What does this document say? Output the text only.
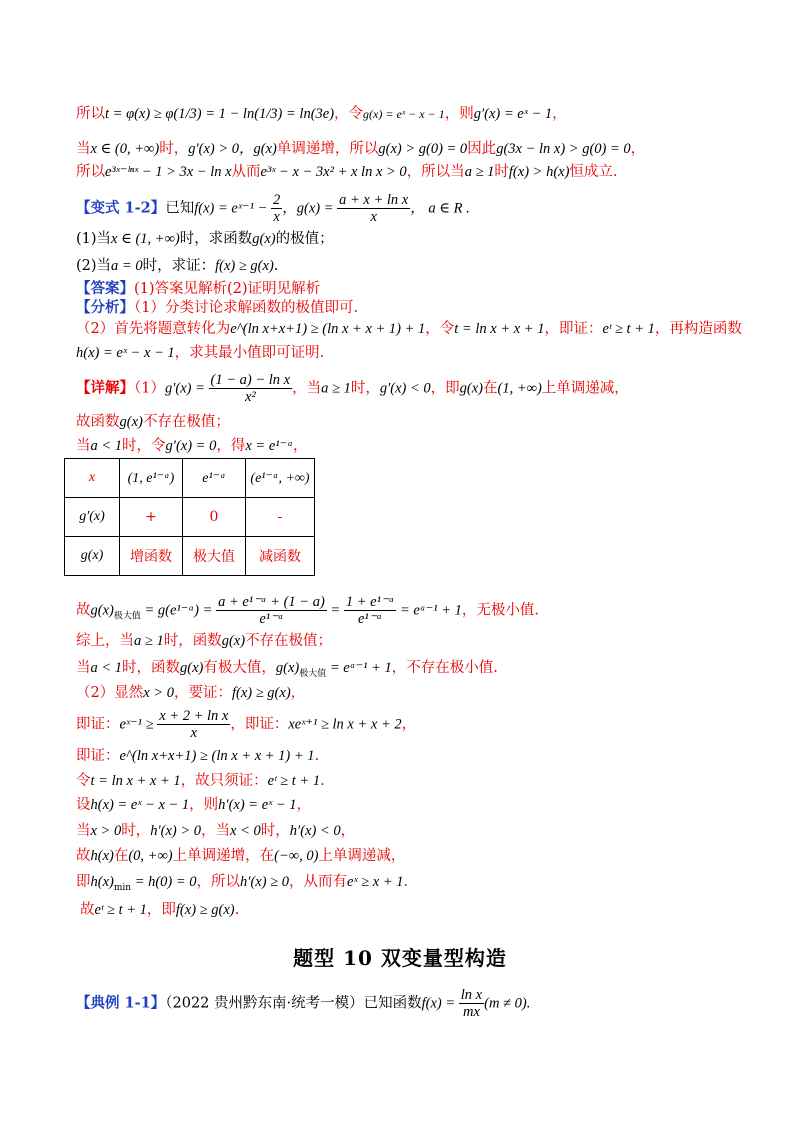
所以t = φ(x) ≥ φ(1/3) = 1 − ln(1/3) = ln(3e)，令g(x) = eˣ − x − 1，则g′(x) = eˣ − 1，
当x ∈ (0, +∞)时，g′(x) > 0，g(x)单调递增，所以g(x) > g(0) = 0因此g(3x − ln x) > g(0) = 0，
所以e³ˣ⁻ˡⁿˣ − 1 > 3x − ln x从而e³ˣ − x − 3x² + x ln x > 0，所以当a ≥ 1时f(x) > h(x)恒成立.
【变式 1-2】已知f(x) = eˣ⁻¹ − $\frac{2}{x}$ ，$g(x) = \frac{\text{a + x + ln x}}{x}$ ， a ∈ R .
(1)当x ∈ (1, +∞)时，求函数g(x)的极值；
(2)当a = 0时，求证：f(x) ≥ g(x).
【答案】(1)答案见解析(2)证明见解析
【分析】（1）分类讨论求解函数的极值即可.
（2）首先将题意转化为e^(ln x+x+1) ≥ (ln x + x + 1) + 1，令t = ln x + x + 1，即证：eᵗ ≥ t + 1，再构造函数
h(x) = eˣ − x − 1，求其最小值即可证明.
【详解】$(1)g'(x) = \frac{\text{(1 − a) − ln x}}{\text{x²}}$ ，当a ≥ 1时，g′(x) < 0，即g(x)在(1, +∞)上单调递减，
故函数g(x)不存在极值；
当a < 1时，令g′(x) = 0，得x = e¹⁻ᵃ，
x	(1, e¹⁻ᵃ)	e¹⁻ᵃ	(e¹⁻ᵃ, +∞)
g′(x)	+	0	-
g(x)	增函数	极大值	减函数
故$g(x)_{极大值}$ = g(e¹⁻ᵃ) = $\frac{\text{a + e¹⁻ᵃ + (1 − a)}}{\text{e¹⁻ᵃ}} = \frac{\text{1 + e¹⁻ᵃ}}{\text{e¹⁻ᵃ}}$ = eᵃ⁻¹ + 1，无极小值.
综上，当a ≥ 1时，函数g(x)不存在极值；
当a < 1时，函数g(x)有极大值，$g(x)_{极大值}$ = eᵃ⁻¹ + 1，不存在极小值.
（2）显然x > 0，要证：f(x) ≥ g(x)，
即证：eˣ⁻¹ ≥ $\frac{\text{x + 2 + ln x}}{x}$ ，即证：xeˣ⁺¹ ≥ ln x + x + 2，
即证：e^(ln x+x+1) ≥ (ln x + x + 1) + 1.
令t = ln x + x + 1，故只须证：eᵗ ≥ t + 1.
设h(x) = eˣ − x − 1，则h′(x) = eˣ − 1，
当x > 0时，h′(x) > 0，当x < 0时，h′(x) < 0，
故h(x)在(0, +∞)上单调递增，在(−∞, 0)上单调递减，
即$h(x)_{min} = h(0) = 0$，所以h′(x) ≥ 0，从而有eˣ ≥ x + 1.
故eᵗ ≥ t + 1，即f(x) ≥ g(x).
题型 10 双变量型构造
【典例 1-1】（2022 贵州黔东南·统考一模）已知函数$f(x) = \frac{\text{ln x}}{mx} (m \ne 0)$.
